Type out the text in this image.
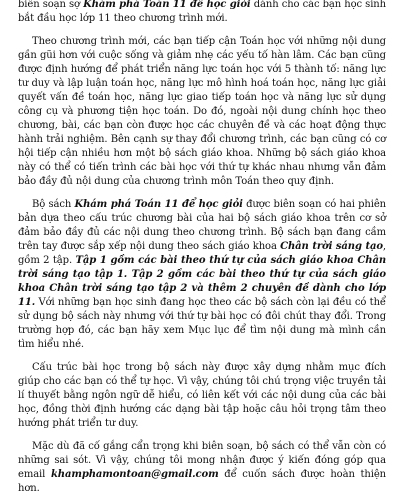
biên soạn sợ Khám phá Toán 11 để học giỏi dành cho các bạn học sinh bắt đầu học lớp 11 theo chương trình mới.

Theo chương trình mới, các bạn tiếp cận Toán học với những nội dung gần gũi hơn với cuộc sống và giảm nhẹ các yếu tố hàn lâm. Các bạn cũng được định hướng để phát triển năng lực toán học với 5 thành tố: năng lực tư duy và lập luận toán học, năng lực mô hình hoá toán học, năng lực giải quyết vấn đề toán học, năng lực giao tiếp toán học và năng lực sử dụng công cụ và phương tiện học toán. Do đó, ngoài nội dung chính học theo chương, bài, các bạn còn được học các chuyên đề và các hoạt động thực hành trải nghiệm. Bên cạnh sự thay đổi chương trình, các bạn cũng có cơ hội tiếp cận nhiều hơn một bộ sách giáo khoa. Những bộ sách giáo khoa này có thể có tiến trình các bài học với thứ tự khác nhau nhưng vẫn đảm bảo đầy đủ nội dung của chương trình môn Toán theo quy định.

Bộ sách Khám phá Toán 11 để học giỏi được biên soạn có hai phiên bản dựa theo cấu trúc chương bài của hai bộ sách giáo khoa trên cơ sở đảm bảo đầy đủ các nội dung theo chương trình. Bộ sách bạn đang cầm trên tay được sắp xếp nội dung theo sách giáo khoa Chân trời sáng tạo, gồm 2 tập. Tập 1 gồm các bài theo thứ tự của sách giáo khoa Chân trời sáng tạo tập 1. Tập 2 gồm các bài theo thứ tự của sách giáo khoa Chân trời sáng tạo tập 2 và thêm 2 chuyên đề dành cho lớp 11. Với những bạn học sinh đang học theo các bộ sách còn lại đều có thể sử dụng bộ sách này nhưng với thứ tự bài học có đôi chút thay đổi. Trong trường hợp đó, các bạn hãy xem Mục lục để tìm nội dung mà mình cần tìm hiểu nhé.

Cấu trúc bài học trong bộ sách này được xây dựng nhằm mục đích giúp cho các bạn có thể tự học. Vì vậy, chúng tôi chú trọng việc truyền tải lí thuyết bằng ngôn ngữ dễ hiểu, có liên kết với các nội dung của các bài học, đồng thời định hướng các dạng bài tập hoặc câu hỏi trọng tâm theo hướng phát triển tư duy.

Mặc dù đã cố gắng cẩn trọng khi biên soạn, bộ sách có thể vẫn còn có những sai sót. Vì vậy, chúng tôi mong nhận được ý kiến đóng góp qua email khamphamontoan@gmail.com để cuốn sách được hoàn thiện hơn.
